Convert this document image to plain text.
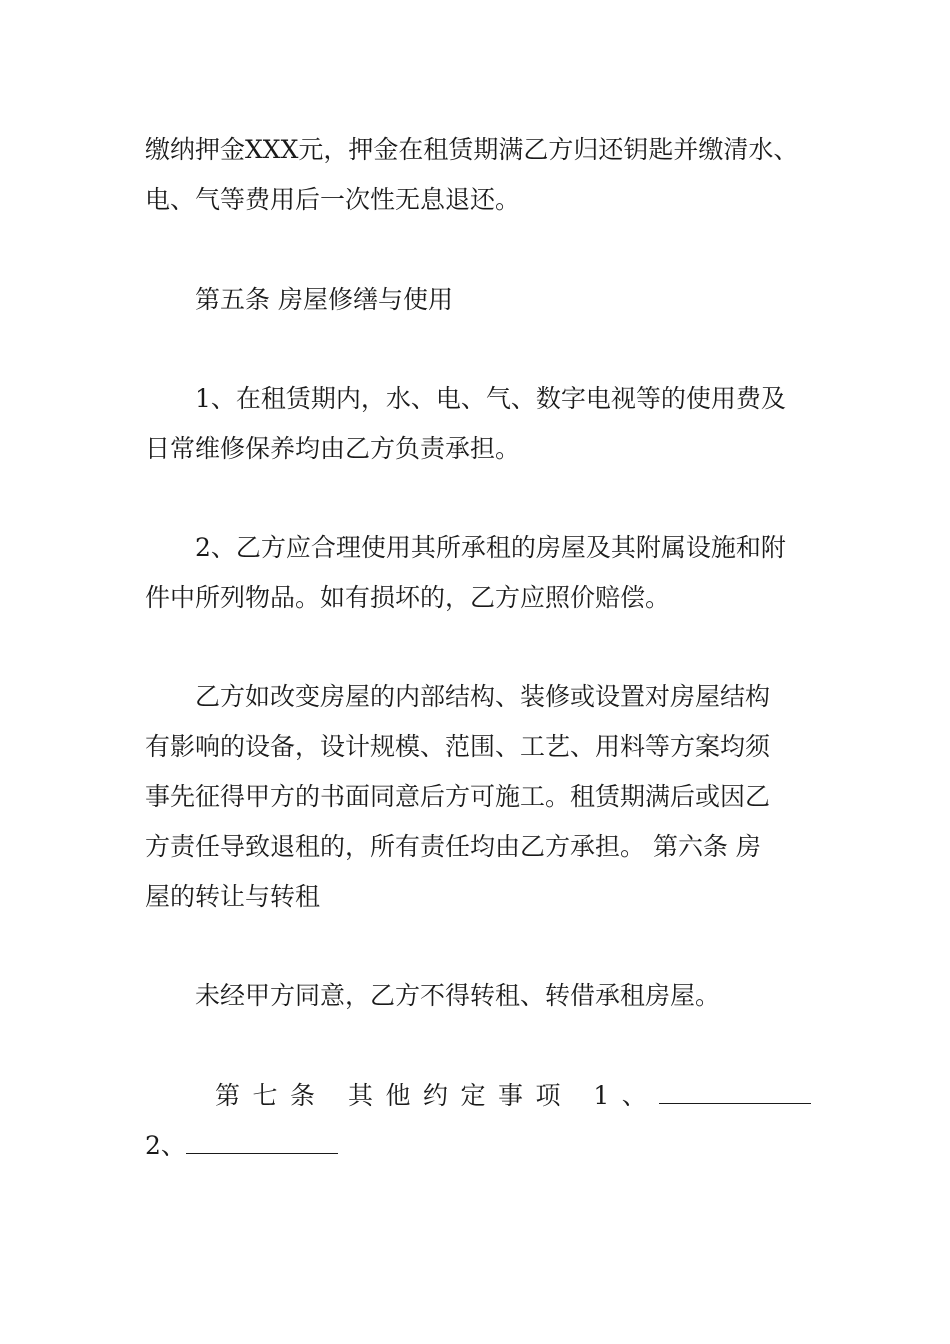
缴纳押金XXX元，押金在租赁期满乙方归还钥匙并缴清水、
电、气等费用后一次性无息退还。
第五条 房屋修缮与使用
1、在租赁期内，水、电、气、数字电视等的使用费及
日常维修保养均由乙方负责承担。
2、乙方应合理使用其所承租的房屋及其附属设施和附
件中所列物品。如有损坏的，乙方应照价赔偿。
乙方如改变房屋的内部结构、装修或设置对房屋结构
有影响的设备，设计规模、范围、工艺、用料等方案均须
事先征得甲方的书面同意后方可施工。租赁期满后或因乙
方责任导致退租的，所有责任均由乙方承担。 第六条 房
屋的转让与转租
未经甲方同意，乙方不得转租、转借承租房屋。
第七条 其他约定事项 1、
2、
